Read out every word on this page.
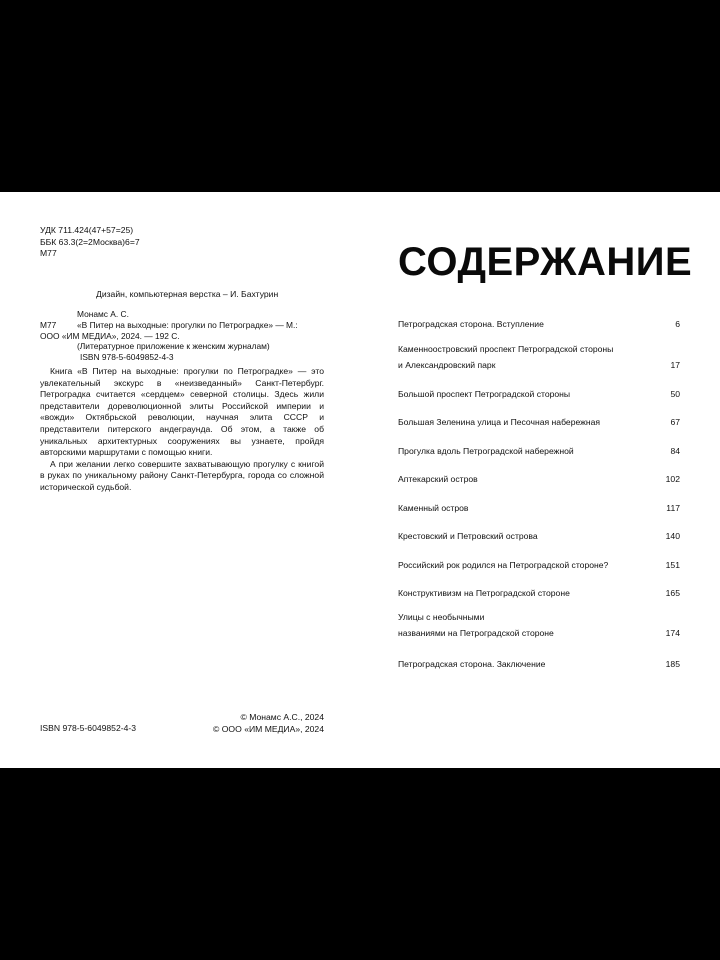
УДК 711.424(47+57=25)
ББК 63.3(2=2Москва)6=7
М77
Дизайн, компьютерная верстка – И. Бахтурин
Монамс А. С.
М77 «В Питер на выходные: прогулки по Петроградке» — М.:
ООО «ИМ МЕДИА», 2024. — 192 С.
(Литературное приложение к женским журналам)
ISBN 978-5-6049852-4-3

Книга «В Питер на выходные: прогулки по Петроградке» — это увлекательный экскурс в «неизведанный» Санкт-Петербург. Петроградка считается «сердцем» северной столицы. Здесь жили представители дореволюционной элиты Российской империи и «вожди» Октябрьской революции, научная элита СССР и представители питерского андеграунда. Об этом, а также об уникальных архитектурных сооружениях вы узнаете, пройдя авторскими маршрутами с помощью книги.

А при желании легко совершите захватывающую прогулку с книгой в руках по уникальному району Санкт-Петербурга, города со сложной исторической судьбой.

ISBN 978-5-6049852-4-3
© Монамс А.С., 2024
© ООО «ИМ МЕДИА», 2024
СОДЕРЖАНИЕ
Петроградская сторона. Вступление	6
Каменноостровский проспект Петроградской стороны
и Александровский парк	17
Большой проспект Петроградской стороны	50
Большая Зеленина улица и Песочная набережная	67
Прогулка вдоль Петроградской набережной	84
Аптекарский остров	102
Каменный остров	117
Крестовский и Петровский острова	140
Российский рок родился на Петроградской стороне?	151
Конструктивизм на Петроградской стороне	165
Улицы с необычными
названиями на Петроградской стороне	174
Петроградская сторона. Заключение	185
